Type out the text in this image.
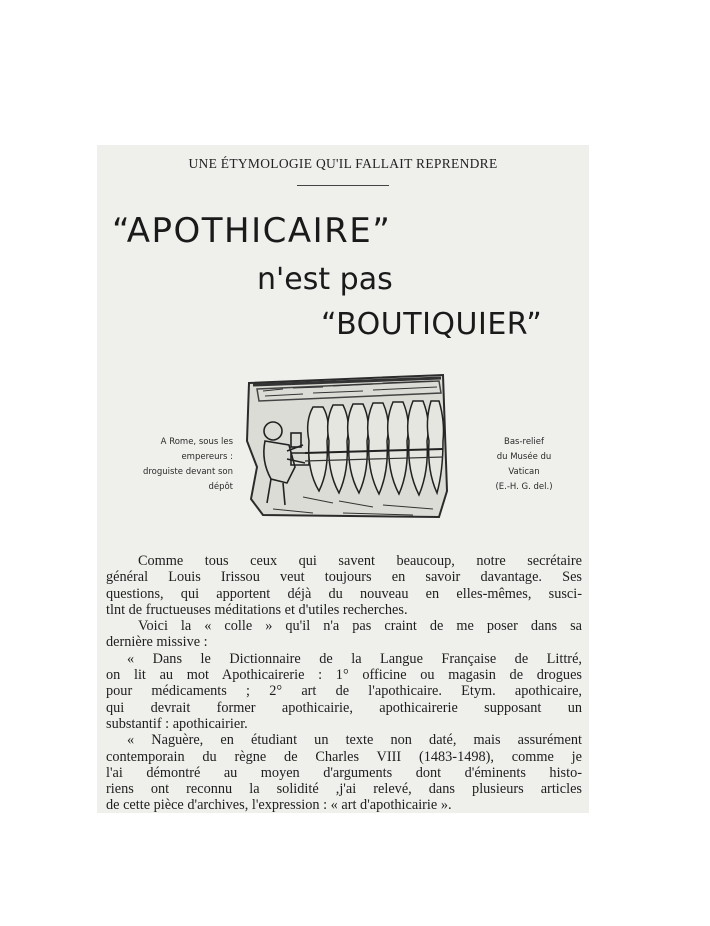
UNE ÉTYMOLOGIE QU'IL FALLAIT REPRENDRE
“APOTHICAIRE”
n'est pas
“BOUTIQUIER”
A Rome, sous les
empereurs :
droguiste devant son
dépôt
Bas-relief
du Musée du
Vatican
(E.-H. G. del.)
Comme tous ceux qui savent beaucoup, notre secrétaire
général Louis Irissou veut toujours en savoir davantage. Ses
questions, qui apportent déjà du nouveau en elles-mêmes, susci-
tlnt de fructueuses méditations et d'utiles recherches.
Voici la « colle » qu'il n'a pas craint de me poser dans sa
dernière missive :
« Dans le Dictionnaire de la Langue Française de Littré,
on lit au mot Apothicairerie : 1° officine ou magasin de drogues
pour médicaments ; 2° art de l'apothicaire. Etym. apothicaire,
qui devrait former apothicairie, apothicairerie supposant un
substantif : apothicairier.
« Naguère, en étudiant un texte non daté, mais assurément
contemporain du règne de Charles VIII (1483-1498), comme je
l'ai démontré au moyen d'arguments dont d'éminents histo-
riens ont reconnu la solidité ,j'ai relevé, dans plusieurs articles
de cette pièce d'archives, l'expression : « art d'apothicairie ».
